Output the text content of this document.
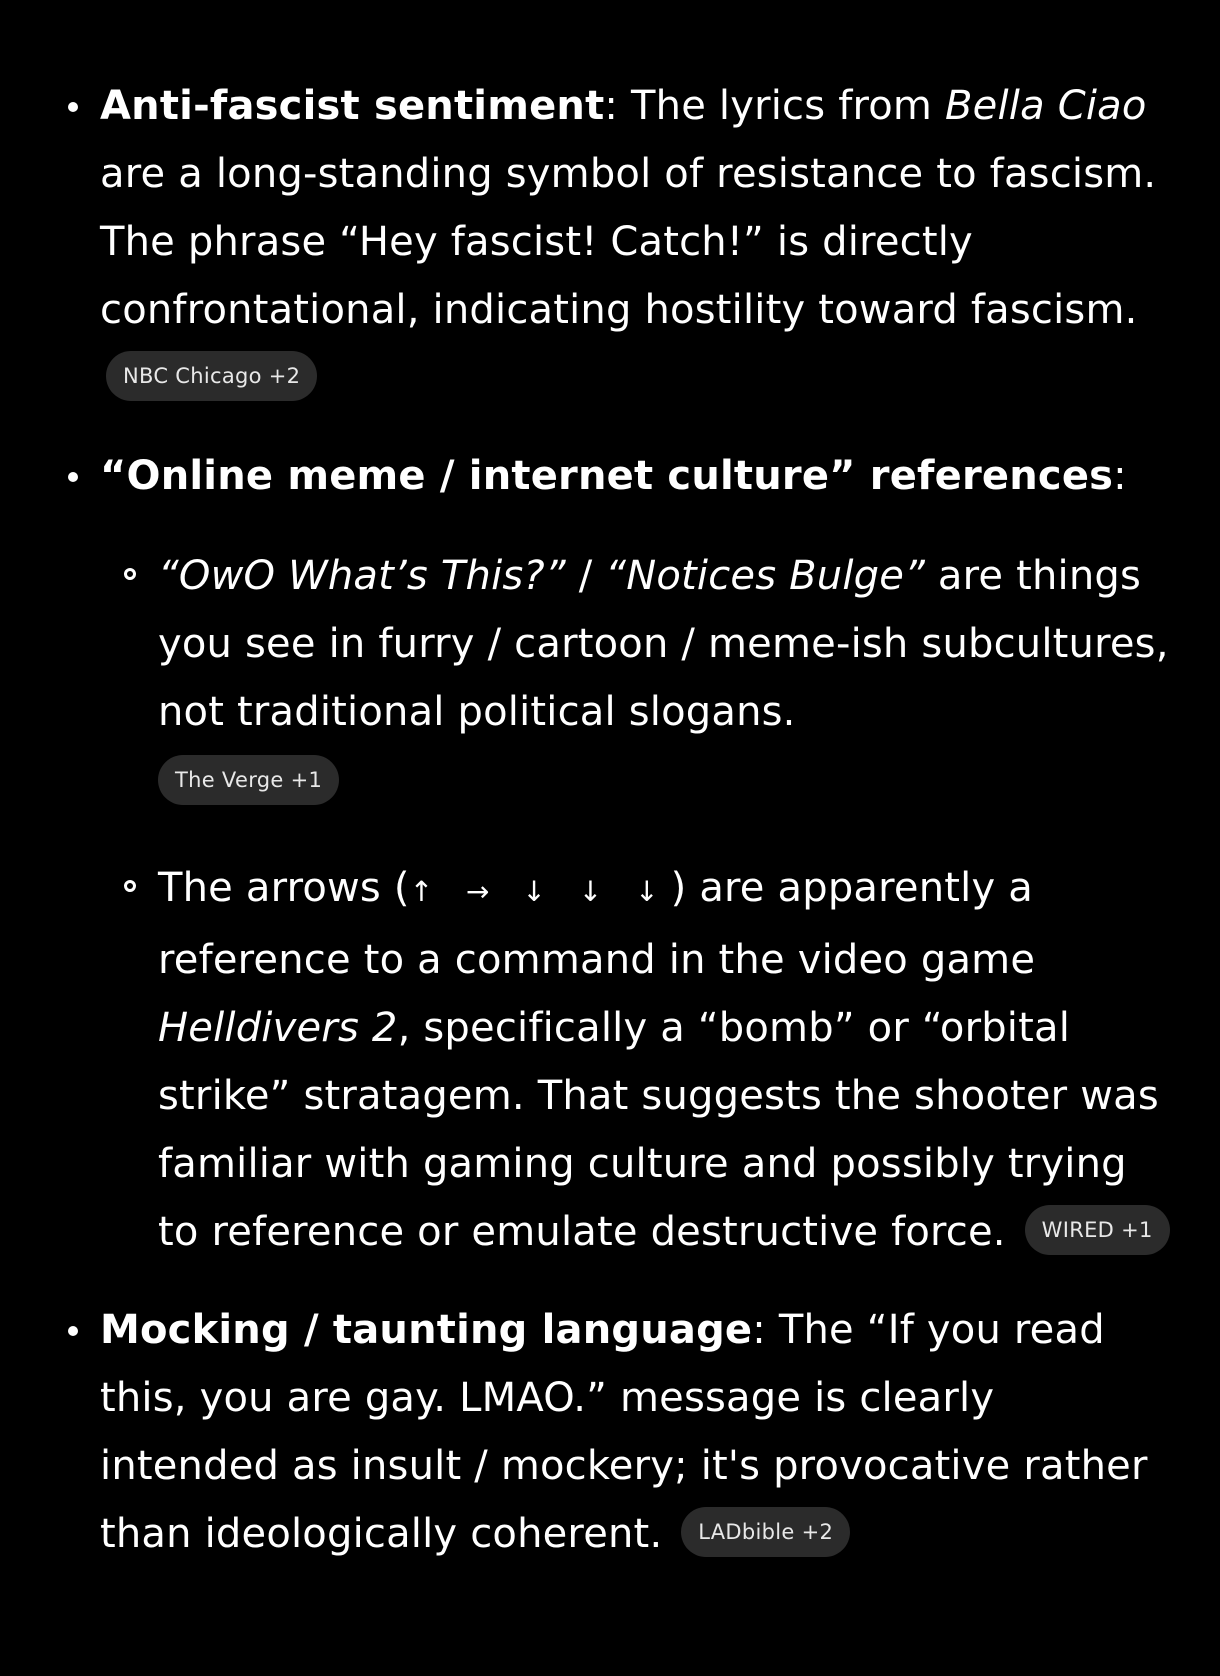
Anti-fascist sentiment: The lyrics from Bella Ciao are a long-standing symbol of resistance to fascism. The phrase “Hey fascist! Catch!” is directly confrontational, indicating hostility toward fascism. NBC Chicago +2
“Online meme / internet culture” references:
“OwO What’s This?” / “Notices Bulge” are things you see in furry / cartoon / meme-ish subcultures, not traditional political slogans.
The Verge +1
The arrows (↑ → ↓ ↓ ↓) are apparently a reference to a command in the video game Helldivers 2, specifically a “bomb” or “orbital strike” stratagem. That suggests the shooter was familiar with gaming culture and possibly trying to reference or emulate destructive force. WIRED +1
Mocking / taunting language: The “If you read this, you are gay. LMAO.” message is clearly intended as insult / mockery; it's provocative rather than ideologically coherent. LADbible +2
